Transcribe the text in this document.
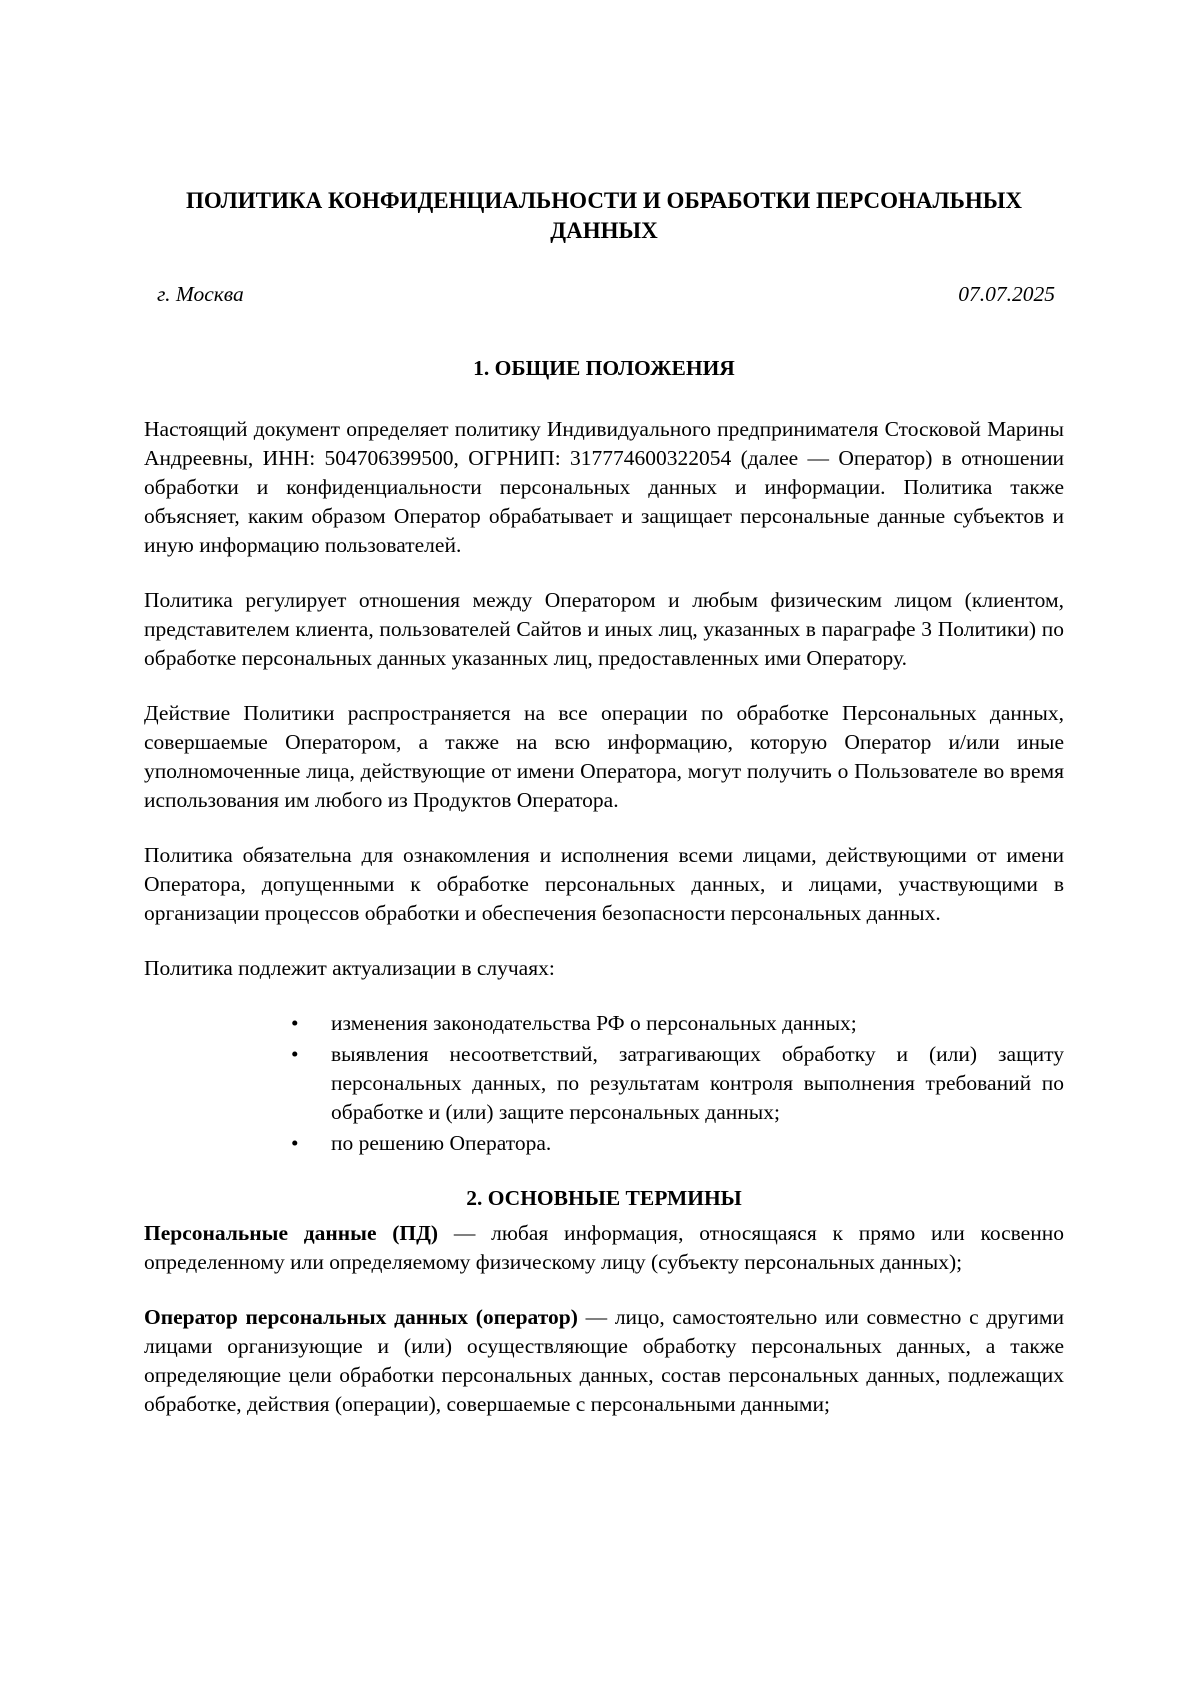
ПОЛИТИКА КОНФИДЕНЦИАЛЬНОСТИ И ОБРАБОТКИ ПЕРСОНАЛЬНЫХ ДАННЫХ
г. Москва	07.07.2025
1. ОБЩИЕ ПОЛОЖЕНИЯ

Настоящий документ определяет политику Индивидуального предпринимателя Стосковой Марины Андреевны, ИНН: 504706399500, ОГРНИП: 317774600322054 (далее — Оператор) в отношении обработки и конфиденциальности персональных данных и информации. Политика также объясняет, каким образом Оператор обрабатывает и защищает персональные данные субъектов и иную информацию пользователей.

Политика регулирует отношения между Оператором и любым физическим лицом (клиентом, представителем клиента, пользователей Сайтов и иных лиц, указанных в параграфе 3 Политики) по обработке персональных данных указанных лиц, предоставленных ими Оператору.

Действие Политики распространяется на все операции по обработке Персональных данных, совершаемые Оператором, а также на всю информацию, которую Оператор и/или иные уполномоченные лица, действующие от имени Оператора, могут получить о Пользователе во время использования им любого из Продуктов Оператора.

Политика обязательна для ознакомления и исполнения всеми лицами, действующими от имени Оператора, допущенными к обработке персональных данных, и лицами, участвующими в организации процессов обработки и обеспечения безопасности персональных данных.

Политика подлежит актуализации в случаях:

• изменения законодательства РФ о персональных данных;
• выявления несоответствий, затрагивающих обработку и (или) защиту персональных данных, по результатам контроля выполнения требований по обработке и (или) защите персональных данных;
• по решению Оператора.
2. ОСНОВНЫЕ ТЕРМИНЫ

Персональные данные (ПД) — любая информация, относящаяся к прямо или косвенно определенному или определяемому физическому лицу (субъекту персональных данных);

Оператор персональных данных (оператор) — лицо, самостоятельно или совместно с другими лицами организующие и (или) осуществляющие обработку персональных данных, а также определяющие цели обработки персональных данных, состав персональных данных, подлежащих обработке, действия (операции), совершаемые с персональными данными;
